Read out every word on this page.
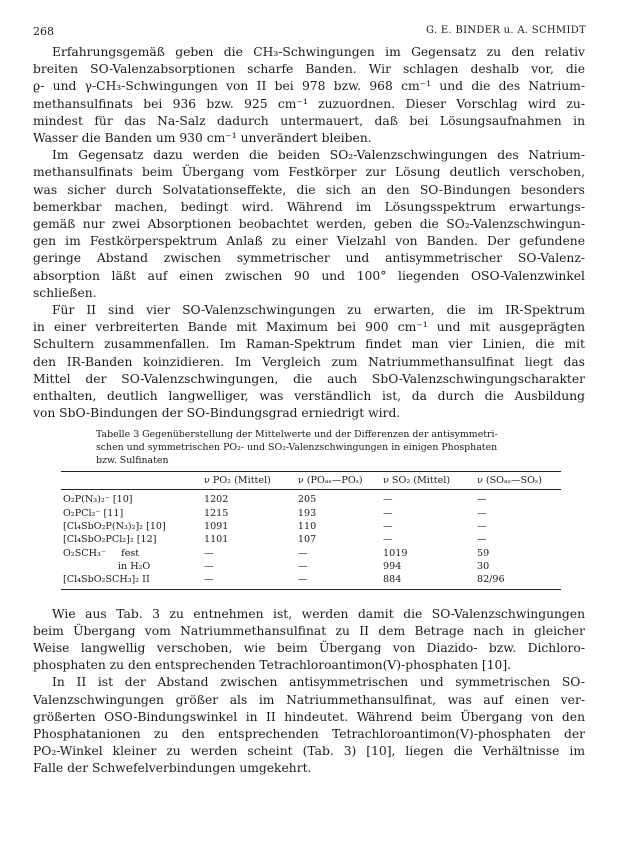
268	G. E. BINDER u. A. SCHMIDT

Erfahrungsgemäß geben die CH₃-Schwingungen im Gegensatz zu den relativ
breiten SO-Valenzabsorptionen scharfe Banden. Wir schlagen deshalb vor, die
ϱ- und γ-CH₃-Schwingungen von II bei 978 bzw. 968 cm⁻¹ und die des Natrium-
methansulfinats bei 936 bzw. 925 cm⁻¹ zuzuordnen. Dieser Vorschlag wird zu-
mindest für das Na-Salz dadurch untermauert, daß bei Lösungsaufnahmen in
Wasser die Banden um 930 cm⁻¹ unverändert bleiben.

Im Gegensatz dazu werden die beiden SO₂-Valenzschwingungen des Natrium-
methansulfinats beim Übergang vom Festkörper zur Lösung deutlich verschoben,
was sicher durch Solvatationseffekte, die sich an den SO-Bindungen besonders
bemerkbar machen, bedingt wird. Während im Lösungsspektrum erwartungs-
gemäß nur zwei Absorptionen beobachtet werden, geben die SO₂-Valenzschwingun-
gen im Festkörperspektrum Anlaß zu einer Vielzahl von Banden. Der gefundene
geringe Abstand zwischen symmetrischer und antisymmetrischer SO-Valenz-
absorption läßt auf einen zwischen 90 und 100° liegenden OSO-Valenzwinkel
schließen.

Für II sind vier SO-Valenzschwingungen zu erwarten, die im IR-Spektrum
in einer verbreiterten Bande mit Maximum bei 900 cm⁻¹ und mit ausgeprägten
Schultern zusammenfallen. Im Raman-Spektrum findet man vier Linien, die mit
den IR-Banden koinzidieren. Im Vergleich zum Natriummethansulfinat liegt das
Mittel der SO-Valenzschwingungen, die auch SbO-Valenzschwingungscharakter
enthalten, deutlich langwelliger, was verständlich ist, da durch die Ausbildung
von SbO-Bindungen der SO-Bindungsgrad erniedrigt wird.

Tabelle 3 Gegenüberstellung der Mittelwerte und der Differenzen der antisymmetri-
schen und symmetrischen PO₂- und SO₂-Valenzschwingungen in einigen Phosphaten
bzw. Sulfinaten
	ν PO₂ (Mittel)	ν (POₐₛ—POₛ)	ν SO₂ (Mittel)	ν (SOₐₛ—SOₛ)
O₂P(N₃)₂⁻ [10]	1202	205	—	—
O₂PCl₂⁻ [11]	1215	193	—	—
[Cl₄SbO₂P(N₃)₂]₂ [10]	1091	110	—	—
[Cl₄SbO₂PCl₂]₂ [12]	1101	107	—	—
O₂SCH₃⁻     fest	—	—	1019	59
in H₂O	—	—	994	30
[Cl₄SbO₂SCH₃]₂ II	—	—	884	82/96

Wie aus Tab. 3 zu entnehmen ist, werden damit die SO-Valenzschwingungen
beim Übergang vom Natriummethansulfinat zu II dem Betrage nach in gleicher
Weise langwellig verschoben, wie beim Übergang von Diazido- bzw. Dichloro-
phosphaten zu den entsprechenden Tetrachloroantimon(V)-phosphaten [10].

In II ist der Abstand zwischen antisymmetrischen und symmetrischen SO-
Valenzschwingungen größer als im Natriummethansulfinat, was auf einen ver-
größerten OSO-Bindungswinkel in II hindeutet. Während beim Übergang von den
Phosphatanionen zu den entsprechenden Tetrachloroantimon(V)-phosphaten der
PO₂-Winkel kleiner zu werden scheint (Tab. 3) [10], liegen die Verhältnisse im
Falle der Schwefelverbindungen umgekehrt.
